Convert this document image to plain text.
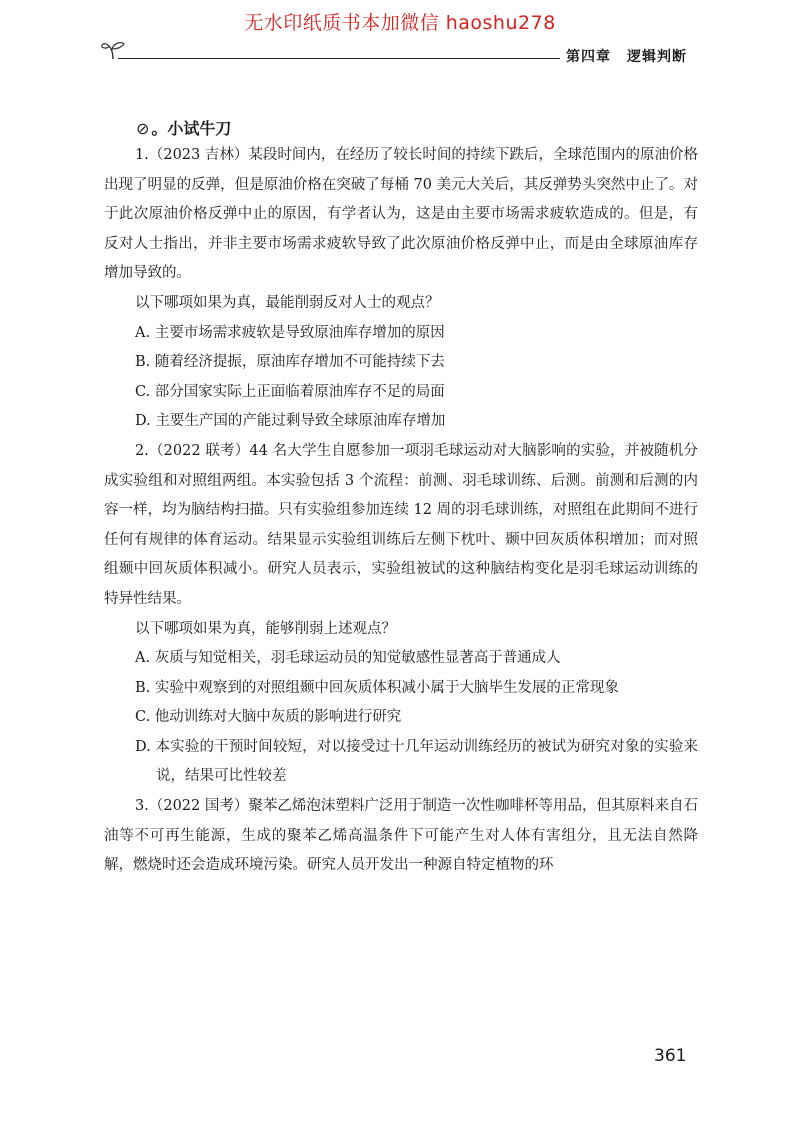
无水印纸质书本加微信 haoshu278
第四章 逻辑判断
⊘ 。小试牛刀

1.（2023 吉林）某段时间内，在经历了较长时间的持续下跌后，全球范围内的原油价格出现了明显的反弹，但是原油价格在突破了每桶 70 美元大关后，其反弹势头突然中止了。对于此次原油价格反弹中止的原因，有学者认为，这是由主要市场需求疲软造成的。但是，有反对人士指出，并非主要市场需求疲软导致了此次原油价格反弹中止，而是由全球原油库存增加导致的。

以下哪项如果为真，最能削弱反对人士的观点？

A. 主要市场需求疲软是导致原油库存增加的原因

B. 随着经济提振，原油库存增加不可能持续下去

C. 部分国家实际上正面临着原油库存不足的局面

D. 主要生产国的产能过剩导致全球原油库存增加

2.（2022 联考）44 名大学生自愿参加一项羽毛球运动对大脑影响的实验，并被随机分成实验组和对照组两组。本实验包括 3 个流程：前测、羽毛球训练、后测。前测和后测的内容一样，均为脑结构扫描。只有实验组参加连续 12 周的羽毛球训练，对照组在此期间不进行任何有规律的体育运动。结果显示实验组训练后左侧下枕叶、颞中回灰质体积增加；而对照组颞中回灰质体积减小。研究人员表示，实验组被试的这种脑结构变化是羽毛球运动训练的特异性结果。

以下哪项如果为真，能够削弱上述观点？

A. 灰质与知觉相关，羽毛球运动员的知觉敏感性显著高于普通成人

B. 实验中观察到的对照组颞中回灰质体积减小属于大脑毕生发展的正常现象

C. 他动训练对大脑中灰质的影响进行研究

D. 本实验的干预时间较短，对以接受过十几年运动训练经历的被试为研究对象的实验来说，结果可比性较差

3.（2022 国考）聚苯乙烯泡沫塑料广泛用于制造一次性咖啡杯等用品，但其原料来自石油等不可再生能源，生成的聚苯乙烯高温条件下可能产生对人体有害组分，且无法自然降解，燃烧时还会造成环境污染。研究人员开发出一种源自特定植物的环

361
